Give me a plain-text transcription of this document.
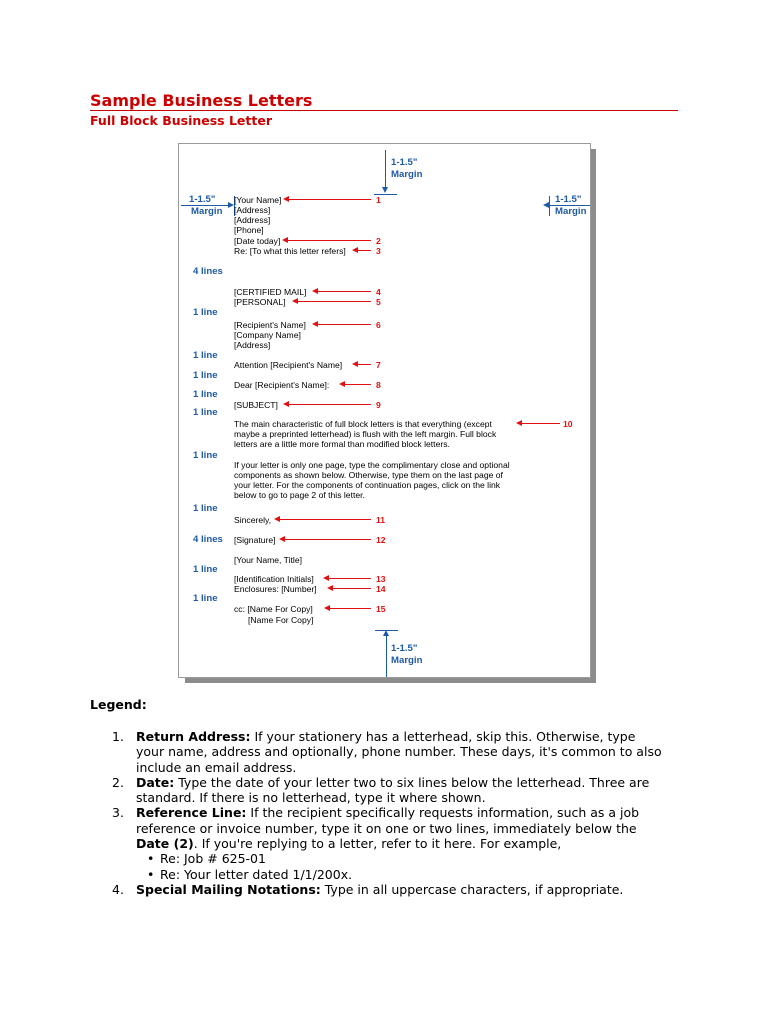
Sample Business Letters
Full Block Business Letter
1-1.5"
Margin
1-1.5"
Margin
1-1.5"
Margin
1-1.5"
Margin
4 lines
1 line
1 line
1 line
1 line
1 line
1 line
1 line
4 lines
1 line
1 line
[Your Name]
[Address]
[Address]
[Phone]
[Date today]
Re: [To what this letter refers]
[CERTIFIED MAIL]
[PERSONAL]
[Recipient's Name]
[Company Name]
[Address]
Attention [Recipient's Name]
Dear [Recipient's Name]:
[SUBJECT]
The main characteristic of full block letters is that everything (except
maybe a preprinted letterhead) is flush with the left margin. Full block
letters are a little more formal than modified block letters.
If your letter is only one page, type the complimentary close and optional
components as shown below. Otherwise, type them on the last page of
your letter. For the components of continuation pages, click on the link
below to go to page 2 of this letter.
Sincerely,
[Signature]
[Your Name, Title]
[Identification Initials]
Enclosures: [Number]
cc: [Name For Copy]
[Name For Copy]
1
2
3
4
5
6
7
8
9
10
11
12
13
14
15
Legend:
1. Return Address: If your stationery has a letterhead, skip this. Otherwise, type
your name, address and optionally, phone number. These days, it's common to also
include an email address.
2. Date: Type the date of your letter two to six lines below the letterhead. Three are
standard. If there is no letterhead, type it where shown.
3. Reference Line: If the recipient specifically requests information, such as a job
reference or invoice number, type it on one or two lines, immediately below the
Date (2). If you're replying to a letter, refer to it here. For example,
• Re: Job # 625-01
• Re: Your letter dated 1/1/200x.
4. Special Mailing Notations: Type in all uppercase characters, if appropriate.
